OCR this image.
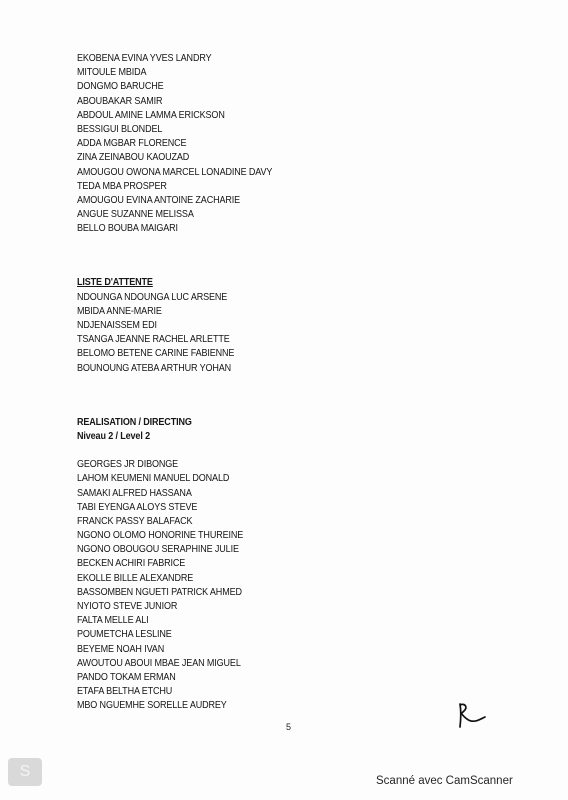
EKOBENA EVINA YVES LANDRY
MITOULE MBIDA
DONGMO BARUCHE
ABOUBAKAR SAMIR
ABDOUL AMINE LAMMA ERICKSON
BESSIGUI BLONDEL
ADDA MGBAR FLORENCE
ZINA ZEINABOU KAOUZAD
AMOUGOU OWONA MARCEL LONADINE DAVY
TEDA MBA PROSPER
AMOUGOU EVINA ANTOINE ZACHARIE
ANGUE SUZANNE MELISSA
BELLO BOUBA MAIGARI
LISTE D'ATTENTE
NDOUNGA NDOUNGA LUC ARSENE
MBIDA ANNE-MARIE
NDJENAISSEM EDI
TSANGA JEANNE RACHEL ARLETTE
BELOMO BETENE CARINE FABIENNE
BOUNOUNG ATEBA ARTHUR YOHAN
REALISATION / DIRECTING
Niveau 2 / Level 2
GEORGES JR DIBONGE
LAHOM KEUMENI MANUEL DONALD
SAMAKI ALFRED HASSANA
TABI EYENGA ALOYS STEVE
FRANCK PASSY BALAFACK
NGONO OLOMO HONORINE THUREINE
NGONO OBOUGOU SERAPHINE JULIE
BECKEN ACHIRI FABRICE
EKOLLE BILLE ALEXANDRE
BASSOMBEN NGUETI PATRICK AHMED
NYIOTO STEVE JUNIOR
FALTA MELLE ALI
POUMETCHA LESLINE
BEYEME NOAH IVAN
AWOUTOU ABOUI MBAE JEAN MIGUEL
PANDO TOKAM ERMAN
ETAFA BELTHA ETCHU
MBO NGUEMHE SORELLE AUDREY
5
S
Scanné avec CamScanner
